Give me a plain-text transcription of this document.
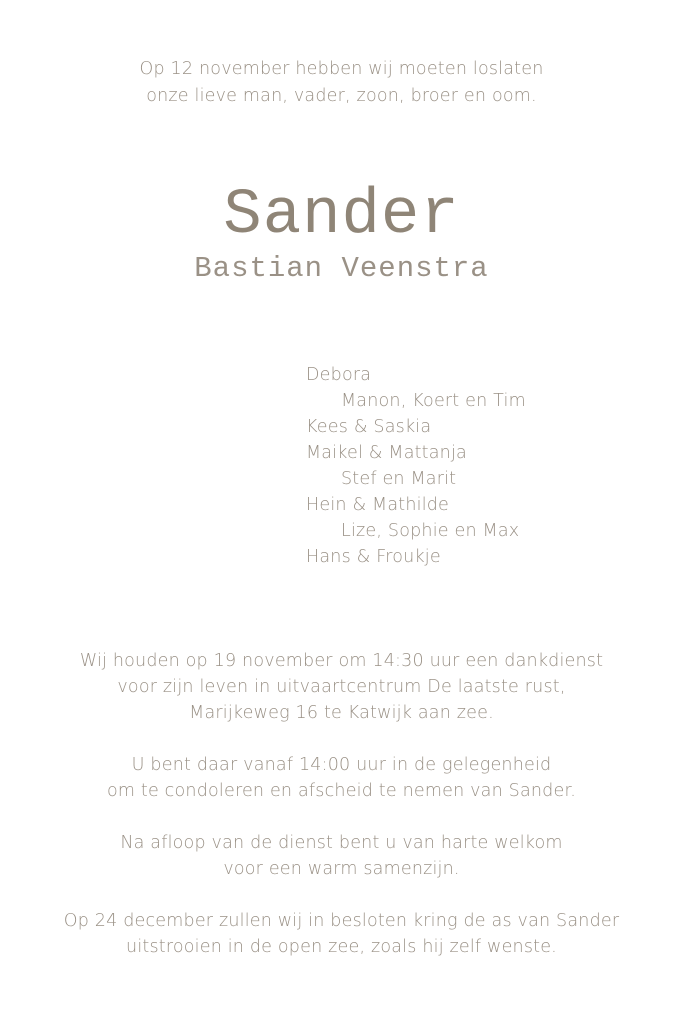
Op 12 november hebben wij moeten loslaten
onze lieve man, vader, zoon, broer en oom.
Sander
Bastian Veenstra
Debora
Manon, Koert en Tim
Kees & Saskia
Maikel & Mattanja
Stef en Marit
Hein & Mathilde
Lize, Sophie en Max
Hans & Froukje
Wij houden op 19 november om 14:30 uur een dankdienst
voor zijn leven in uitvaartcentrum De laatste rust,
Marijkeweg 16 te Katwijk aan zee.
U bent daar vanaf 14:00 uur in de gelegenheid
om te condoleren en afscheid te nemen van Sander.
Na afloop van de dienst bent u van harte welkom
voor een warm samenzijn.
Op 24 december zullen wij in besloten kring de as van Sander
uitstrooien in de open zee, zoals hij zelf wenste.
